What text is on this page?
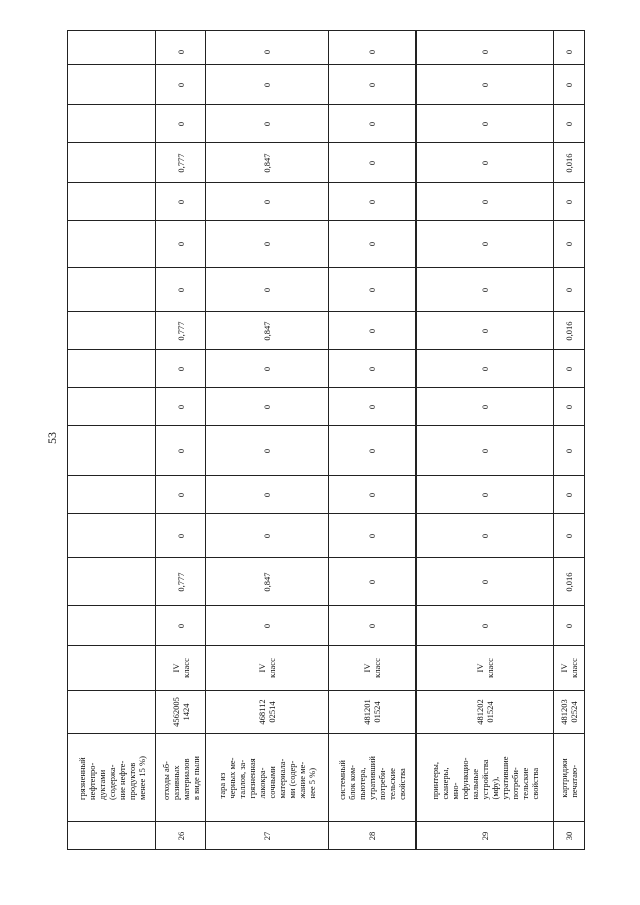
53
грязненный
нефтепро-
дуктами
(содержа-
ние нефте-
продуктов
менее 15 %)
26
отходы аб-
разивных
материалов
в виде пыли
4562005
1424
IV
класс
0
0,777
0
0
0
0
0
0,777
0
0
0
0,777
0
0
0
27
тара из
черных ме-
таллов, за-
грязненная
лакокра-
сочными
материала-
ми (содер-
жание ме-
нее 5 %)
468112
02514
IV
класс
0
0,847
0
0
0
0
0
0,847
0
0
0
0,847
0
0
0
28
системный
блок ком-
пьютера,
утративший
потреби-
тельские
свойства
481201
01524
IV
класс
0
0
0
0
0
0
0
0
0
0
0
0
0
0
0
29
принтеры,
сканеры,
мно-
гофункцио-
нальные
устройства
(мфу),
утратившие
потреби-
тельские
свойства
481202
01524
IV
класс
0
0
0
0
0
0
0
0
0
0
0
0
0
0
0
30
картриджи
печатаю-
481203
02524
IV
класс
0
0,016
0
0
0
0
0
0,016
0
0
0
0,016
0
0
0
